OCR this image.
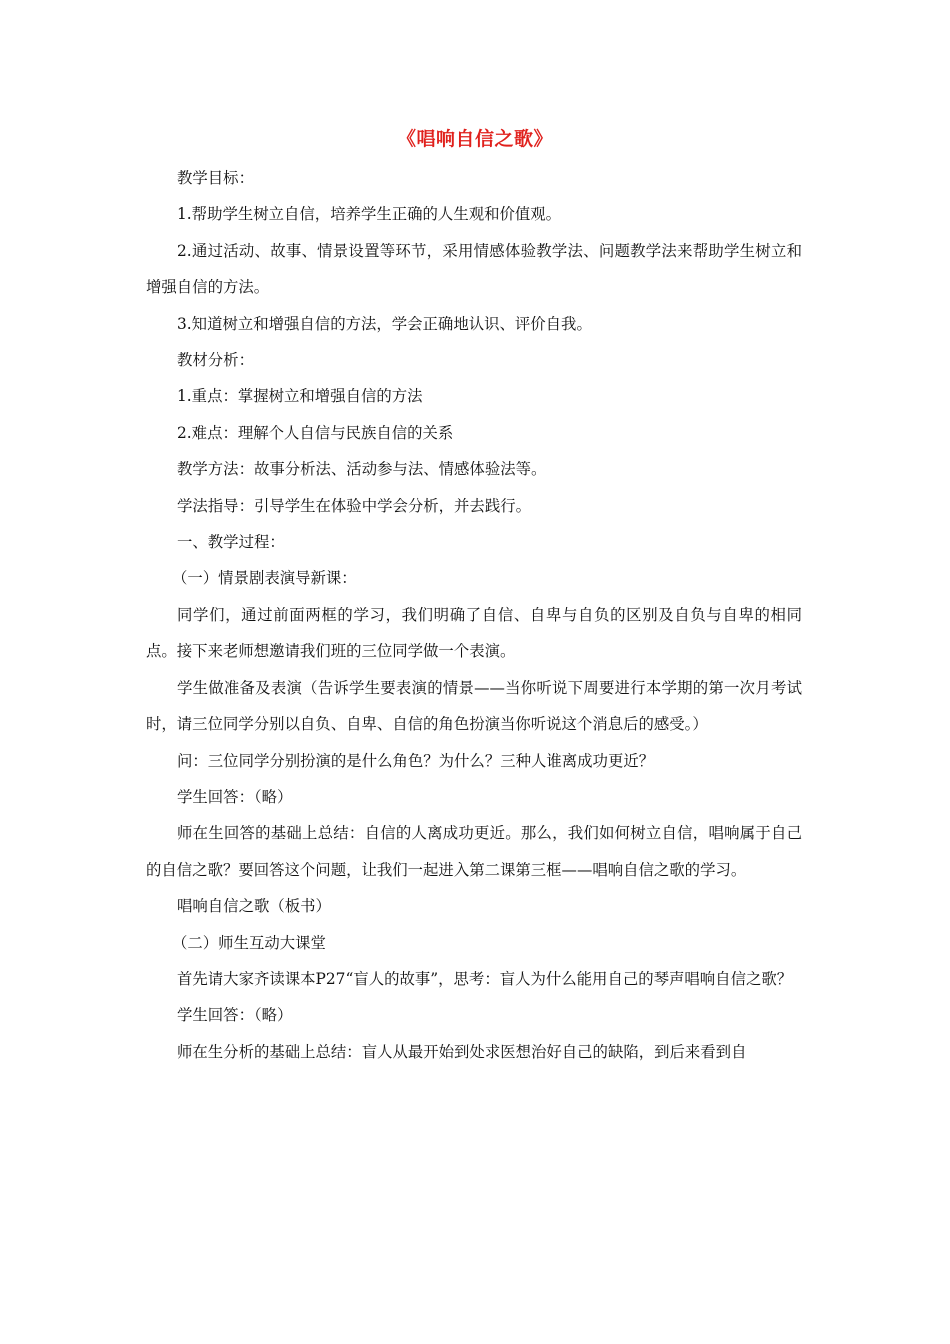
《唱响自信之歌》

教学目标：

1.帮助学生树立自信，培养学生正确的人生观和价值观。

2.通过活动、故事、情景设置等环节，采用情感体验教学法、问题教学法来帮助学生树立和增强自信的方法。

3.知道树立和增强自信的方法，学会正确地认识、评价自我。

教材分析：

1.重点：掌握树立和增强自信的方法

2.难点：理解个人自信与民族自信的关系

教学方法：故事分析法、活动参与法、情感体验法等。

学法指导：引导学生在体验中学会分析，并去践行。

一、教学过程：

（一）情景剧表演导新课：

同学们，通过前面两框的学习，我们明确了自信、自卑与自负的区别及自负与自卑的相同点。接下来老师想邀请我们班的三位同学做一个表演。

学生做准备及表演（告诉学生要表演的情景——当你听说下周要进行本学期的第一次月考试时，请三位同学分别以自负、自卑、自信的角色扮演当你听说这个消息后的感受。）

问：三位同学分别扮演的是什么角色？为什么？三种人谁离成功更近？

学生回答：（略）

师在生回答的基础上总结：自信的人离成功更近。那么，我们如何树立自信，唱响属于自己的自信之歌？要回答这个问题，让我们一起进入第二课第三框——唱响自信之歌的学习。

唱响自信之歌（板书）

（二）师生互动大课堂

首先请大家齐读课本P27“盲人的故事”，思考：盲人为什么能用自己的琴声唱响自信之歌？

学生回答：（略）

师在生分析的基础上总结：盲人从最开始到处求医想治好自己的缺陷，到后来看到自
